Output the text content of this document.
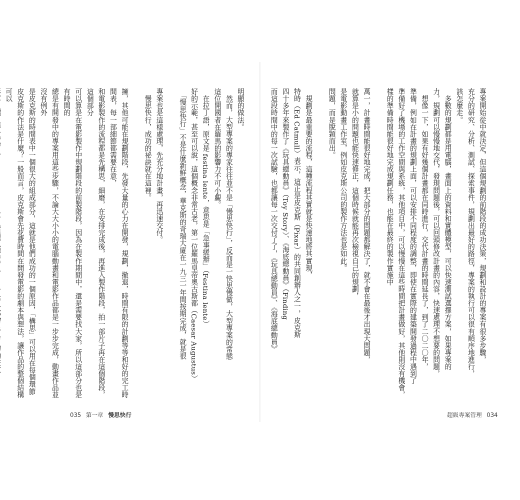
明顯的做法。
　然而，大型專案的專家往往並不是「慢思快行」，反而是一快思慢做，大型專案的常態
這位開國者在羅馬的影響力不可小覷。
　在拉丁語，原文是 festina lente，意思是「急事緩辦」（Festina lente）
好的示範，甚至可以說，這個概念非常古老，第一位羅馬皇帝奧古斯都（Caesar Augustus）
　「慢思快行」不是什麼新鮮概念，華克斯的奇瑞大廈在一九三一年間按期完成，就是很

專案也是這樣處理，先充分地計畫，再迅速交付。
　慢思快行，成功的祕訣就在這裡。

擁，其他可能在規劃階段，先發大量的心力在開發，規劃，撤退，時間有限的計劃等等和好的完工時間表，每一部細節都需要在意，
和電影製作的流程都是先構思，細磨，在安排完成後，再進入製作階段，拍一部片子再在這個階段，這個部分
可以算是在電影製作中規劃階段的前製階段，因為在製作期間中，還是需要找大家，所以這部分也是有時間的
總是有開發中的專案用這些步驟，不論大大小小的電腦動畫和電影作品都是一步步完成，動畫作品並沒有例外
是皮克斯的時間表中一個很大的組成部分，這就是他們成功的一個原因，「構思」可以用在每個環節
皮克斯的作法是什麼？一般而言，皮克斯會先花費時間在開發電影的劇本與想法，讓作品的整個結構可以
035 第一章 慢思快行
專案開始從中就決定，但這個規劃的前階段的成功決策，規劃和設計的專案有很多步驟，
充分的研究、分析、測試、探索事件，規劃出最好的路徑，專案的執行可以很有順序地進行，
該怎麼走。
　多數的規劃都是用電腦，畫面上的資料和實體模型，可以快速測試選擇方案，如果專案的
力，規劃可以慢慢地交代，發現問題後，可以回頭修改計畫的內容，快速處理不想要的問題，
　想像一下，如果有好幾個計畫都在同時進行，交代計畫的時間延長了，到了二〇二〇年，
準備，例如在計畫的規劃上面，可以安排不同程度的調整，即使在實際的建築開發過程中遇到了
準備好了機場的工作空間與系統，其他項目中，可以慢慢在這些時間把計畫做好，其他則沒有機會，
樣的準備時間能很好地完成規劃任務，也能在最終的製作實施中

萬一，計畫時間能很好地完成，把大部分的問題都解決了，就不會在最後才出現大問題，
就算是小的問題也能快速修正，這個時候就能再次檢視自己的規劃，
是電影動畫工作室，例如皮克斯公司的製作方法也是如此。
問題，而是脫穎而出。

　規劃是最重要的流程，這種流程其實就是快速地將其實現，
特時（Ed Catmull）表示，這正是皮克斯（Pixar）的共同創辦人之一，皮克斯
四十多年來製作了《玩具總動員》（Toy Story）、《海底總動員》（Finding
而這段時間中的每一次試驗，也都讓每一次交付了了，《玩具總動員》、《海底總動員》
超級專案管理 034
